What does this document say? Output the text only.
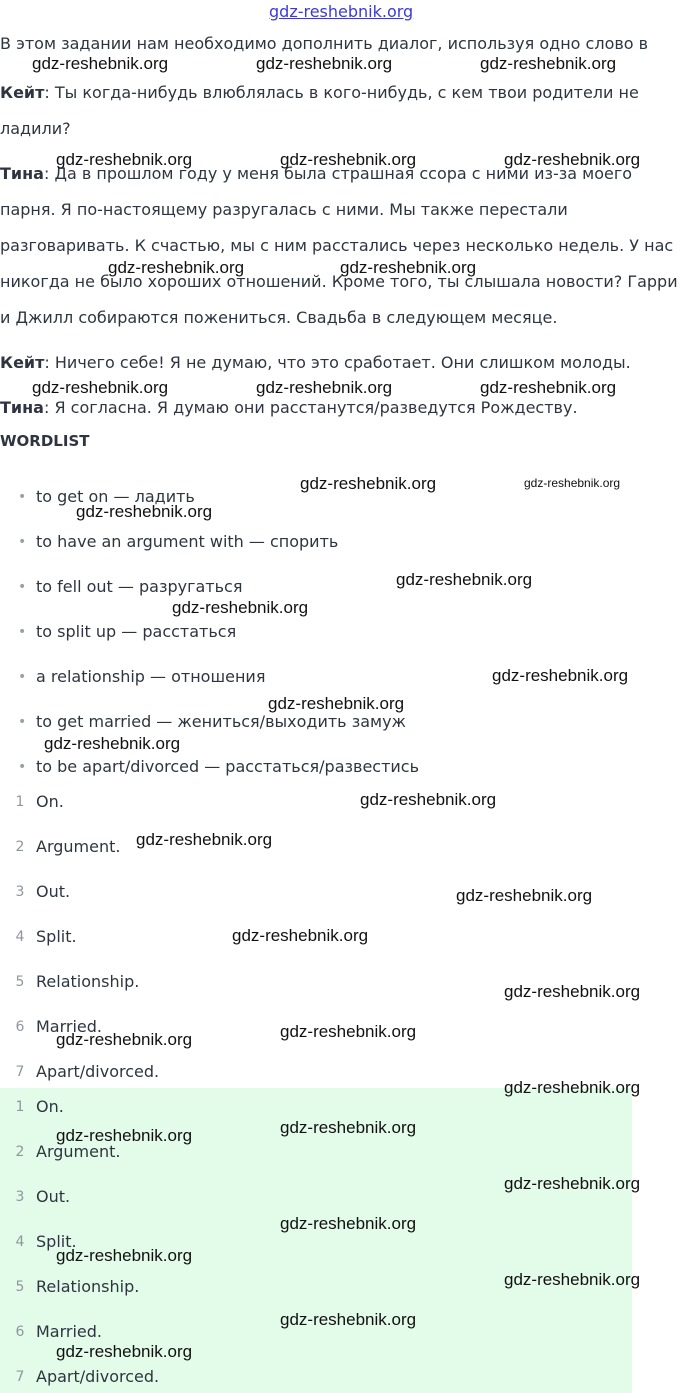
gdz-reshebnik.org
В этом задании нам необходимо дополнить диалог, используя одно слово в
Кейт: Ты когда-нибудь влюблялась в кого-нибудь, с кем твои родители не
ладили?
Тина: Да в прошлом году у меня была страшная ссора с ними из-за моего
парня. Я по-настоящему разругалась с ними. Мы также перестали
разговаривать. К счастью, мы с ним расстались через несколько недель. У нас
никогда не было хороших отношений. Кроме того, ты слышала новости? Гарри
и Джилл собираются пожениться. Свадьба в следующем месяце.
Кейт: Ничего себе! Я не думаю, что это сработает. Они слишком молоды.
Тина: Я согласна. Я думаю они расстанутся/разведутся Рождеству.
WORDLIST
• to get on — ладить
• to have an argument with — спорить
• to fell out — разругаться
• to split up — расстаться
• a relationship — отношения
• to get married — жениться/выходить замуж
• to be apart/divorced — расстаться/развестись
1 On.
2 Argument.
3 Out.
4 Split.
5 Relationship.
6 Married.
7 Apart/divorced.
1 On.
2 Argument.
3 Out.
4 Split.
5 Relationship.
6 Married.
7 Apart/divorced.
gdz-reshebnik.org	gdz-reshebnik.org	gdz-reshebnik.org
gdz-reshebnik.org	gdz-reshebnik.org	gdz-reshebnik.org
gdz-reshebnik.org	gdz-reshebnik.org
gdz-reshebnik.org	gdz-reshebnik.org	gdz-reshebnik.org
gdz-reshebnik.org	gdz-reshebnik.org
gdz-reshebnik.org
gdz-reshebnik.org
gdz-reshebnik.org
gdz-reshebnik.org
gdz-reshebnik.org
gdz-reshebnik.org
gdz-reshebnik.org
gdz-reshebnik.org
gdz-reshebnik.org
gdz-reshebnik.org
gdz-reshebnik.org
gdz-reshebnik.org
gdz-reshebnik.org
gdz-reshebnik.org
gdz-reshebnik.org
gdz-reshebnik.org
gdz-reshebnik.org
gdz-reshebnik.org
gdz-reshebnik.org
gdz-reshebnik.org
gdz-reshebnik.org
gdz-reshebnik.org
